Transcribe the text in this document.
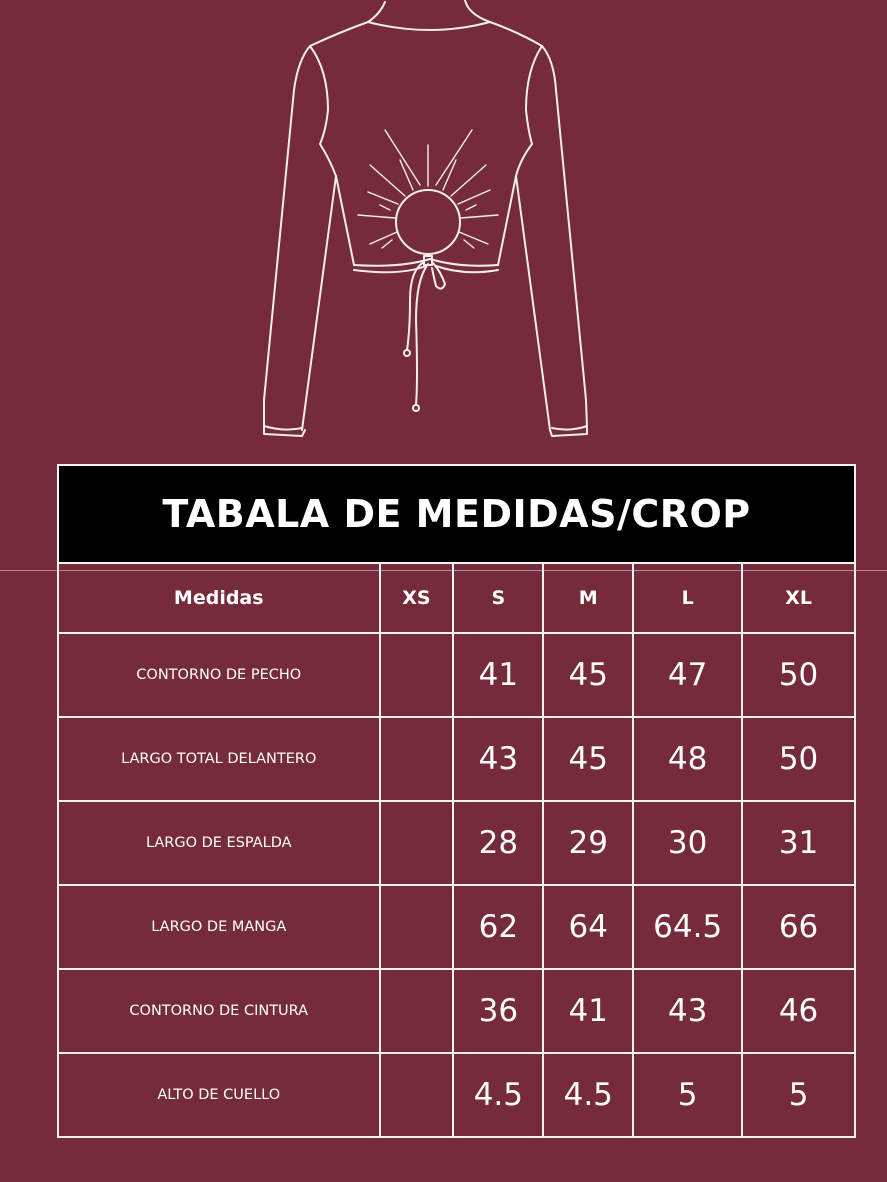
TABALA DE MEDIDAS/CROP					
Medidas	XS	S	M	L	XL
CONTORNO DE PECHO		41	45	47	50
LARGO TOTAL DELANTERO		43	45	48	50
LARGO DE ESPALDA		28	29	30	31
LARGO DE MANGA		62	64	64.5	66
CONTORNO DE CINTURA		36	41	43	46
ALTO DE CUELLO		4.5	4.5	5	5
